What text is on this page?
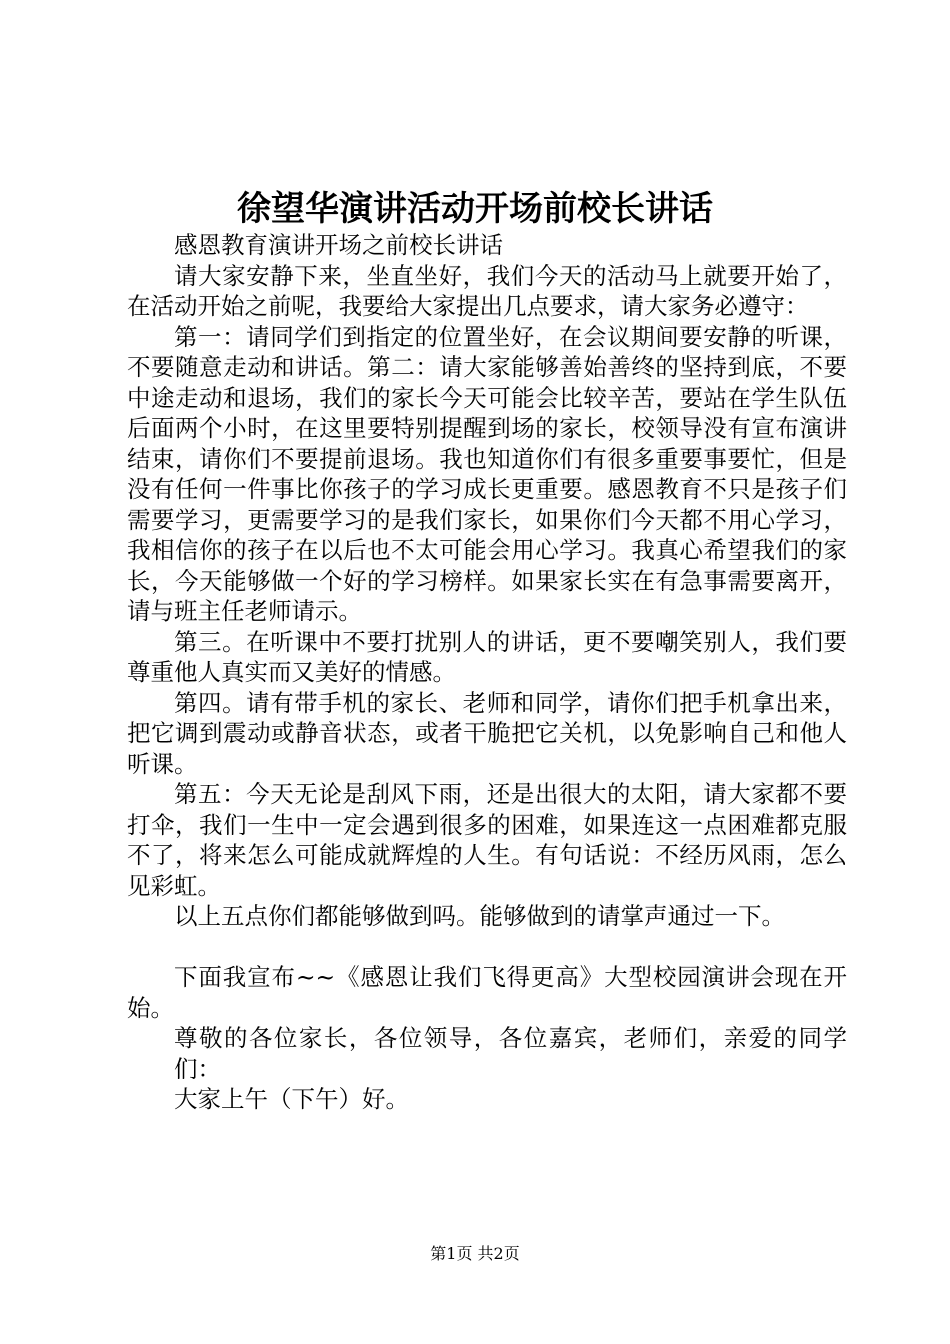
徐望华演讲活动开场前校长讲话

感恩教育演讲开场之前校长讲话

请大家安静下来，坐直坐好，我们今天的活动马上就要开始了，在活动开始之前呢，我要给大家提出几点要求，请大家务必遵守：

第一：请同学们到指定的位置坐好，在会议期间要安静的听课，不要随意走动和讲话。第二：请大家能够善始善终的坚持到底，不要中途走动和退场，我们的家长今天可能会比较辛苦，要站在学生队伍后面两个小时，在这里要特别提醒到场的家长，校领导没有宣布演讲结束，请你们不要提前退场。我也知道你们有很多重要事要忙，但是没有任何一件事比你孩子的学习成长更重要。感恩教育不只是孩子们需要学习，更需要学习的是我们家长，如果你们今天都不用心学习，我相信你的孩子在以后也不太可能会用心学习。我真心希望我们的家长，今天能够做一个好的学习榜样。如果家长实在有急事需要离开，请与班主任老师请示。

第三。在听课中不要打扰别人的讲话，更不要嘲笑别人，我们要尊重他人真实而又美好的情感。

第四。请有带手机的家长、老师和同学，请你们把手机拿出来，把它调到震动或静音状态，或者干脆把它关机，以免影响自己和他人听课。

第五：今天无论是刮风下雨，还是出很大的太阳，请大家都不要打伞，我们一生中一定会遇到很多的困难，如果连这一点困难都克服不了，将来怎么可能成就辉煌的人生。有句话说：不经历风雨，怎么见彩虹。

以上五点你们都能够做到吗。能够做到的请掌声通过一下。

下面我宣布~~《感恩让我们飞得更高》大型校园演讲会现在开始。

尊敬的各位家长，各位领导，各位嘉宾，老师们，亲爱的同学们：

大家上午（下午）好。

第1页 共2页
